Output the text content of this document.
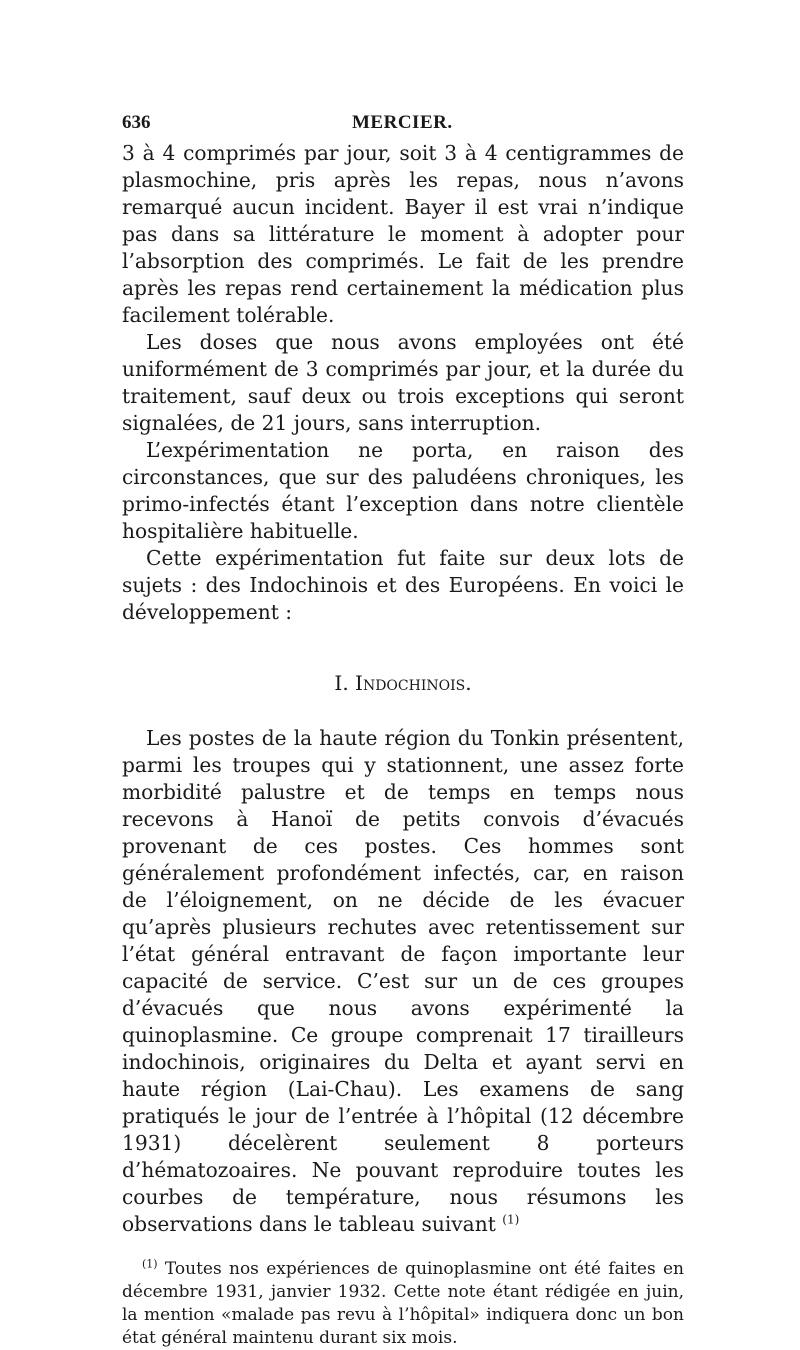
636	MERCIER.

3 à 4 comprimés par jour, soit 3 à 4 centigrammes de plasmochine, pris après les repas, nous n’avons remarqué aucun incident. Bayer il est vrai n’indique pas dans sa littérature le moment à adopter pour l’absorption des comprimés. Le fait de les prendre après les repas rend certainement la médication plus facilement tolérable.

Les doses que nous avons employées ont été uniformément de 3 comprimés par jour, et la durée du traitement, sauf deux ou trois exceptions qui seront signalées, de 21 jours, sans interruption.

L’expérimentation ne porta, en raison des circonstances, que sur des paludéens chroniques, les primo-infectés étant l’exception dans notre clientèle hospitalière habituelle.

Cette expérimentation fut faite sur deux lots de sujets : des Indochinois et des Européens. En voici le développement :

I. Indochinois.

Les postes de la haute région du Tonkin présentent, parmi les troupes qui y stationnent, une assez forte morbidité palustre et de temps en temps nous recevons à Hanoï de petits convois d’évacués provenant de ces postes. Ces hommes sont généralement profondément infectés, car, en raison de l’éloignement, on ne décide de les évacuer qu’après plusieurs rechutes avec retentissement sur l’état général entravant de façon importante leur capacité de service. C’est sur un de ces groupes d’évacués que nous avons expérimenté la quinoplasmine. Ce groupe comprenait 17 tirailleurs indochinois, originaires du Delta et ayant servi en haute région (Lai-Chau). Les examens de sang pratiqués le jour de l’entrée à l’hôpital (12 décembre 1931) décelèrent seulement 8 porteurs d’hématozoaires. Ne pouvant reproduire toutes les courbes de température, nous résumons les observations dans le tableau suivant $^{(1)}$

$^{(1)}$ Toutes nos expériences de quinoplasmine ont été faites en décembre 1931, janvier 1932. Cette note étant rédigée en juin, la mention «malade pas revu à l’hôpital» indiquera donc un bon état général maintenu durant six mois.
